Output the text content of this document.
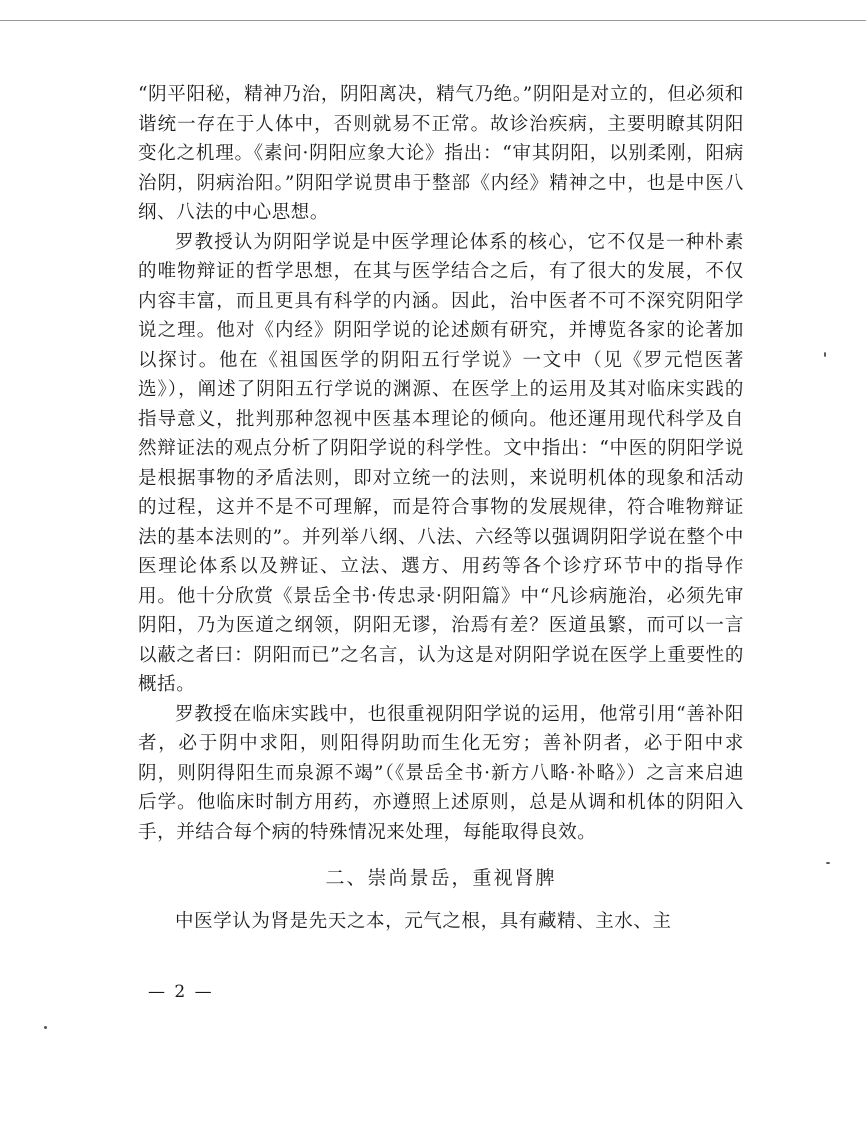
“阴平阳秘，精神乃治，阴阳离决，精气乃绝。”阴阳是对立的，但必须和谐统一存在于人体中，否则就易不正常。故诊治疾病，主要明瞭其阴阳变化之机理。《素问·阴阳应象大论》指出：“审其阴阳，以别柔刚，阳病治阴，阴病治阳。”阴阳学说贯串于整部《内经》精神之中，也是中医八纲、八法的中心思想。

罗教授认为阴阳学说是中医学理论体系的核心，它不仅是一种朴素的唯物辩证的哲学思想，在其与医学结合之后，有了很大的发展，不仅内容丰富，而且更具有科学的内涵。因此，治中医者不可不深究阴阳学说之理。他对《内经》阴阳学说的论述颇有研究，并博览各家的论著加以探讨。他在《祖国医学的阴阳五行学说》一文中（见《罗元恺医著选》），阐述了阴阳五行学说的渊源、在医学上的运用及其对临床实践的指导意义，批判那种忽视中医基本理论的倾向。他还運用现代科学及自然辩证法的观点分析了阴阳学说的科学性。文中指出：“中医的阴阳学说是根据事物的矛盾法则，即对立统一的法则，来说明机体的现象和活动的过程，这并不是不可理解，而是符合事物的发展规律，符合唯物辩证法的基本法则的”。并列举八纲、八法、六经等以强调阴阳学说在整个中医理论体系以及辨证、立法、選方、用药等各个诊疗环节中的指导作用。他十分欣赏《景岳全书·传忠录·阴阳篇》中“凡诊病施治，必须先审阴阳，乃为医道之纲领，阴阳无谬，治焉有差？医道虽繁，而可以一言以蔽之者曰：阴阳而已”之名言，认为这是对阴阳学说在医学上重要性的概括。

罗教授在临床实践中，也很重视阴阳学说的运用，他常引用“善补阳者，必于阴中求阳，则阳得阴助而生化无穷；善补阴者，必于阳中求阴，则阴得阳生而泉源不竭”（《景岳全书·新方八略·补略》）之言来启迪后学。他临床时制方用药，亦遵照上述原则，总是从调和机体的阴阳入手，并结合每个病的特殊情况来处理，每能取得良效。

二、崇尚景岳，重视肾脾

中医学认为肾是先天之本，元气之根，具有藏精、主水、主

— 2 —
